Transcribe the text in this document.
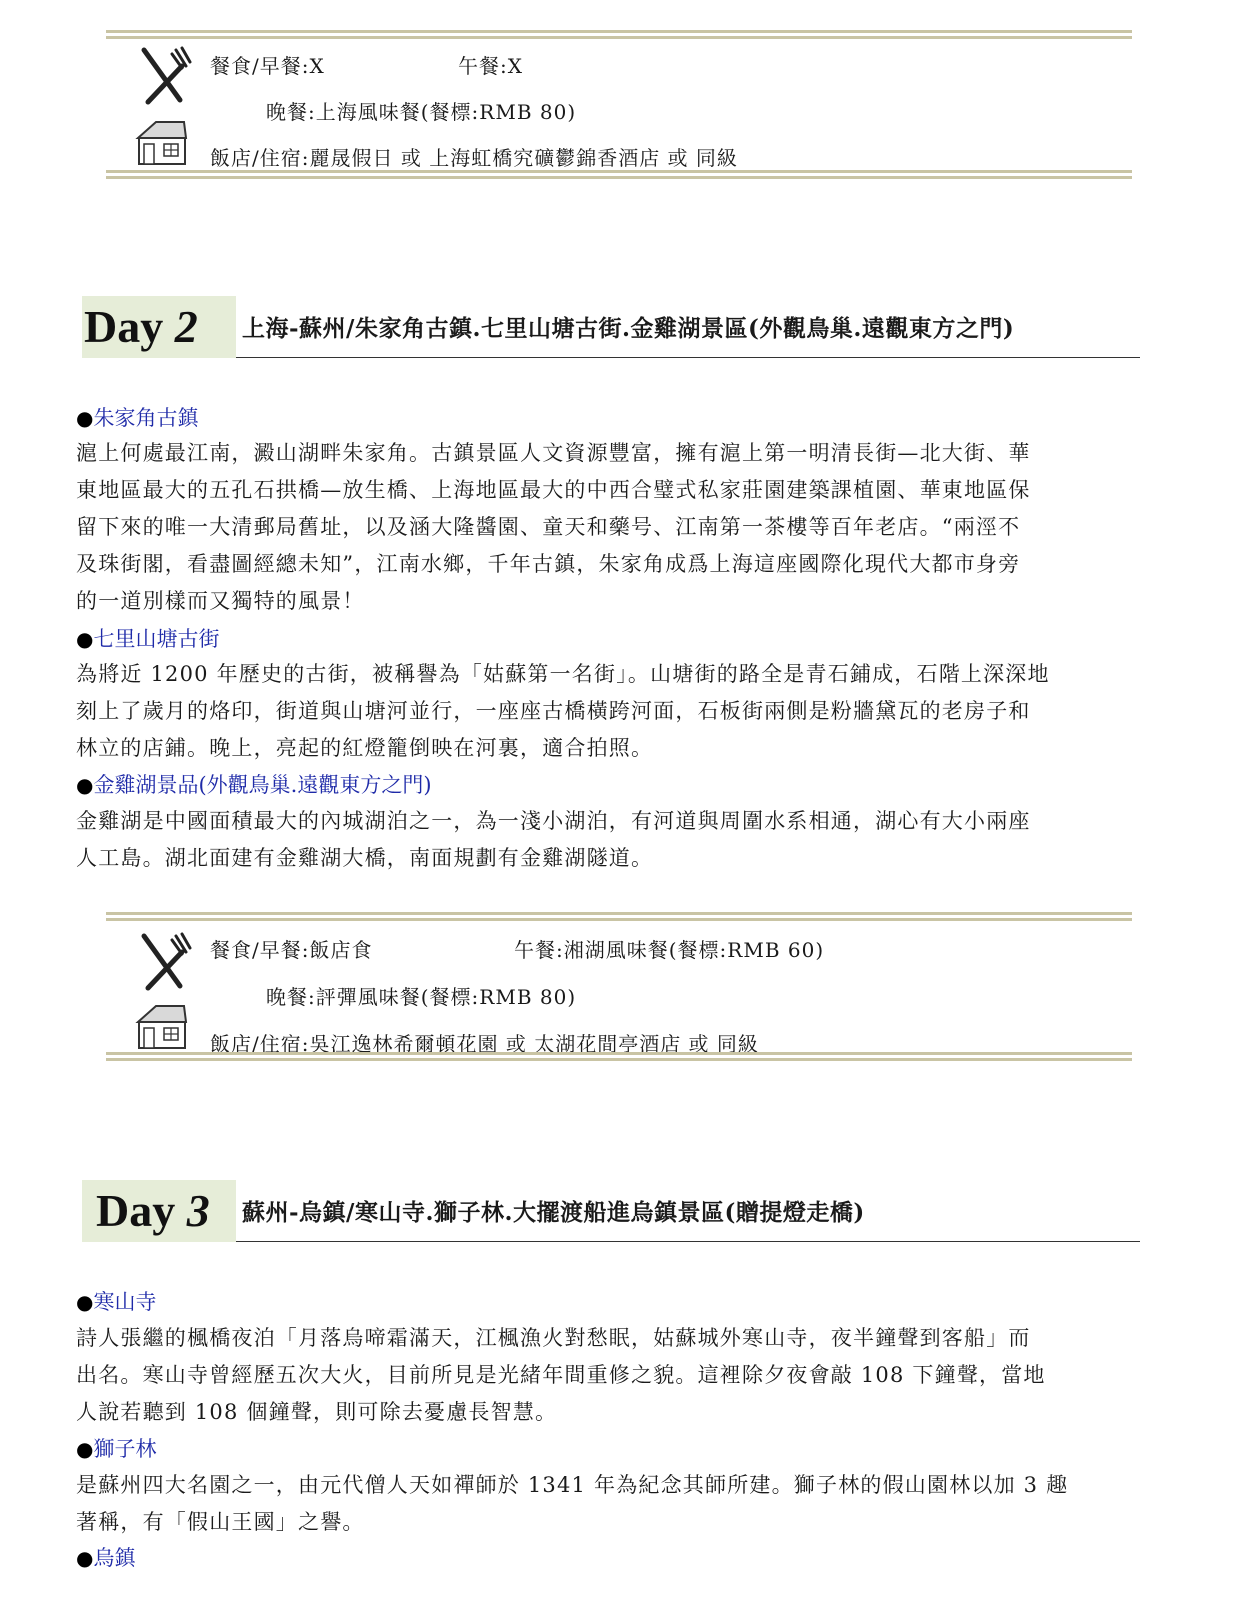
餐食/早餐:X	午餐:X
晚餐:上海風味餐(餐標:RMB 80)
飯店/住宿:麗晟假日 或 上海虹橋究礦鬱錦香酒店 或 同級
Day 2 上海-蘇州/朱家角古鎮.七里山塘古街.金雞湖景區(外觀鳥巢.遠觀東方之門)
●朱家角古鎮
滬上何處最江南，澱山湖畔朱家角。古鎮景區人文資源豐富，擁有滬上第一明清長街—北大街、華
東地區最大的五孔石拱橋—放生橋、上海地區最大的中西合璧式私家莊園建築課植園、華東地區保
留下來的唯一大清郵局舊址，以及涵大隆醬園、童天和藥号、江南第一茶樓等百年老店。“兩涇不
及珠街閣，看盡圖經總未知”，江南水鄉，千年古鎮，朱家角成爲上海這座國際化現代大都市身旁
的一道別樣而又獨特的風景！
●七里山塘古街
為將近 1200 年歷史的古街，被稱譽為「姑蘇第一名街」。山塘街的路全是青石鋪成，石階上深深地
刻上了歲月的烙印，街道與山塘河並行，一座座古橋橫跨河面，石板街兩側是粉牆黛瓦的老房子和
林立的店鋪。晚上，亮起的紅燈籠倒映在河裏，適合拍照。
●金雞湖景品(外觀鳥巢.遠觀東方之門)
金雞湖是中國面積最大的內城湖泊之一，為一淺小湖泊，有河道與周圍水系相通，湖心有大小兩座
人工島。湖北面建有金雞湖大橋，南面規劃有金雞湖隧道。
餐食/早餐:飯店食	午餐:湘湖風味餐(餐標:RMB 60)
晚餐:評彈風味餐(餐標:RMB 80)
飯店/住宿:吳江逸林希爾頓花園 或 太湖花間亭酒店 或 同級
Day 3 蘇州-烏鎮/寒山寺.獅子林.大擺渡船進烏鎮景區(贈提燈走橋)
●寒山寺
詩人張繼的楓橋夜泊「月落烏啼霜滿天，江楓漁火對愁眠，姑蘇城外寒山寺，夜半鐘聲到客船」而
出名。寒山寺曾經歷五次大火，目前所見是光緒年間重修之貌。這裡除夕夜會敲 108 下鐘聲，當地
人說若聽到 108 個鐘聲，則可除去憂慮長智慧。
●獅子林
是蘇州四大名園之一，由元代僧人天如禪師於 1341 年為紀念其師所建。獅子林的假山園林以加 3 趣
著稱，有「假山王國」之譽。
●烏鎮
